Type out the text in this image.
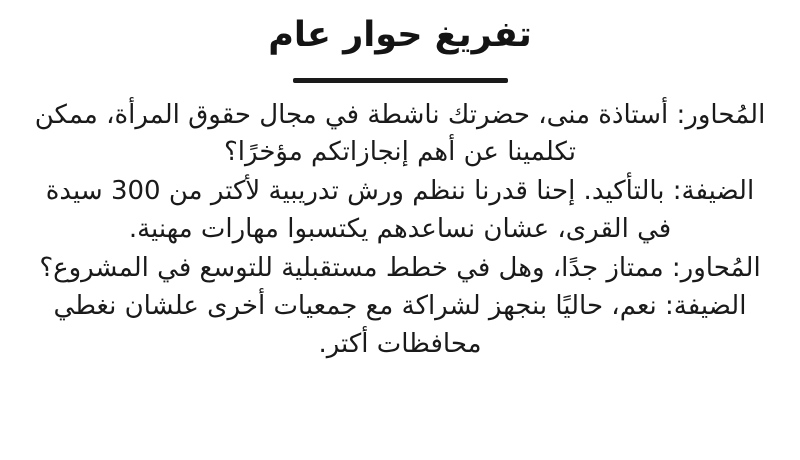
تفريغ حوار عام

المُحاور: أستاذة منى، حضرتك ناشطة في مجال حقوق المرأة، ممكن تكلمينا عن أهم إنجازاتكم مؤخرًا؟

الضيفة: بالتأكيد. إحنا قدرنا ننظم ورش تدريبية لأكتر من 300 سيدة في القرى، عشان نساعدهم يكتسبوا مهارات مهنية.

المُحاور: ممتاز جدًا، وهل في خطط مستقبلية للتوسع في المشروع؟

الضيفة: نعم، حاليًا بنجهز لشراكة مع جمعيات أخرى علشان نغطي محافظات أكتر.
